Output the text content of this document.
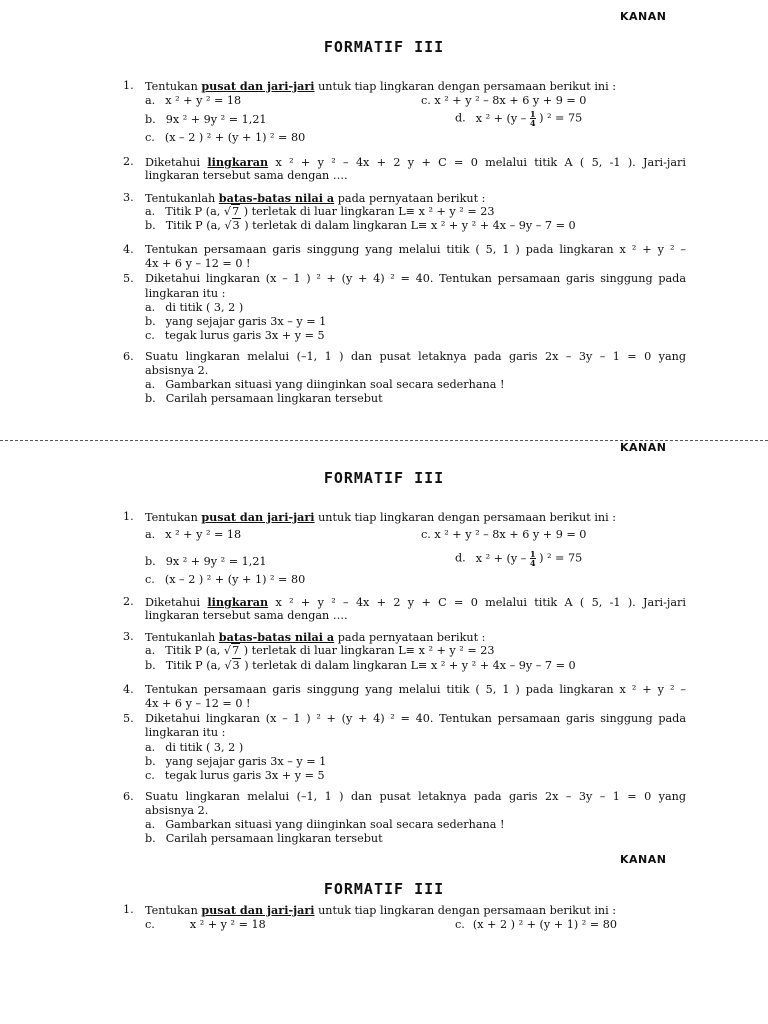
KANAN
FORMATIF III
1. Tentukan pusat dan jari-jari untuk tiap lingkaran dengan persamaan berikut ini :
a. x ² + y ² = 18	c. x ² + y ² – 8x + 6 y + 9 = 0
b. 9x ² + 9y ² = 1,21	d. x $^2 + (y - \frac{1}{4}$ ) ² = 75
c. (x – 2 ) ² + (y + 1) ² = 80
2. Diketahui lingkaran x ² + y ² – 4x + 2 y + C = 0 melalui titik A ( 5, -1 ). Jari-jari
lingkaran tersebut sama dengan ….
3. Tentukanlah batas-batas nilai a pada pernyataan berikut :
a. Titik P (a, √7 ) terletak di luar lingkaran L≡ x ² + y ² = 23
b. Titik P (a, √3 ) terletak di dalam lingkaran L≡ x ² + y ² + 4x – 9y – 7 = 0
4. Tentukan persamaan garis singgung yang melalui titik ( 5, 1 ) pada lingkaran x ² + y ² –
4x + 6 y – 12 = 0 !
5. Diketahui lingkaran (x – 1 ) ² + (y + 4) ² = 40. Tentukan persamaan garis singgung pada
lingkaran itu :
a. di titik ( 3, 2 )
b. yang sejajar garis 3x – y = 1
c. tegak lurus garis 3x + y = 5
6. Suatu lingkaran melalui (–1, 1 ) dan pusat letaknya pada garis 2x – 3y – 1 = 0 yang
absisnya 2.
a. Gambarkan situasi yang diinginkan soal secara sederhana !
b. Carilah persamaan lingkaran tersebut
KANAN
FORMATIF III
1. Tentukan pusat dan jari-jari untuk tiap lingkaran dengan persamaan berikut ini :
a. x ² + y ² = 18	c. x ² + y ² – 8x + 6 y + 9 = 0
b. 9x ² + 9y ² = 1,21	d. x $^2 + (y - \frac{1}{4}$ ) ² = 75
c. (x – 2 ) ² + (y + 1) ² = 80
2. Diketahui lingkaran x ² + y ² – 4x + 2 y + C = 0 melalui titik A ( 5, -1 ). Jari-jari
lingkaran tersebut sama dengan ….
3. Tentukanlah batas-batas nilai a pada pernyataan berikut :
a. Titik P (a, √7 ) terletak di luar lingkaran L≡ x ² + y ² = 23
b. Titik P (a, √3 ) terletak di dalam lingkaran L≡ x ² + y ² + 4x – 9y – 7 = 0
4. Tentukan persamaan garis singgung yang melalui titik ( 5, 1 ) pada lingkaran x ² + y ² –
4x + 6 y – 12 = 0 !
5. Diketahui lingkaran (x – 1 ) ² + (y + 4) ² = 40. Tentukan persamaan garis singgung pada
lingkaran itu :
a. di titik ( 3, 2 )
b. yang sejajar garis 3x – y = 1
c. tegak lurus garis 3x + y = 5
6. Suatu lingkaran melalui (–1, 1 ) dan pusat letaknya pada garis 2x – 3y – 1 = 0 yang
absisnya 2.
a. Gambarkan situasi yang diinginkan soal secara sederhana !
b. Carilah persamaan lingkaran tersebut
KANAN
FORMATIF III
1. Tentukan pusat dan jari-jari untuk tiap lingkaran dengan persamaan berikut ini :
c.	x ² + y ² = 18	c. (x + 2 ) ² + (y + 1) ² = 80
